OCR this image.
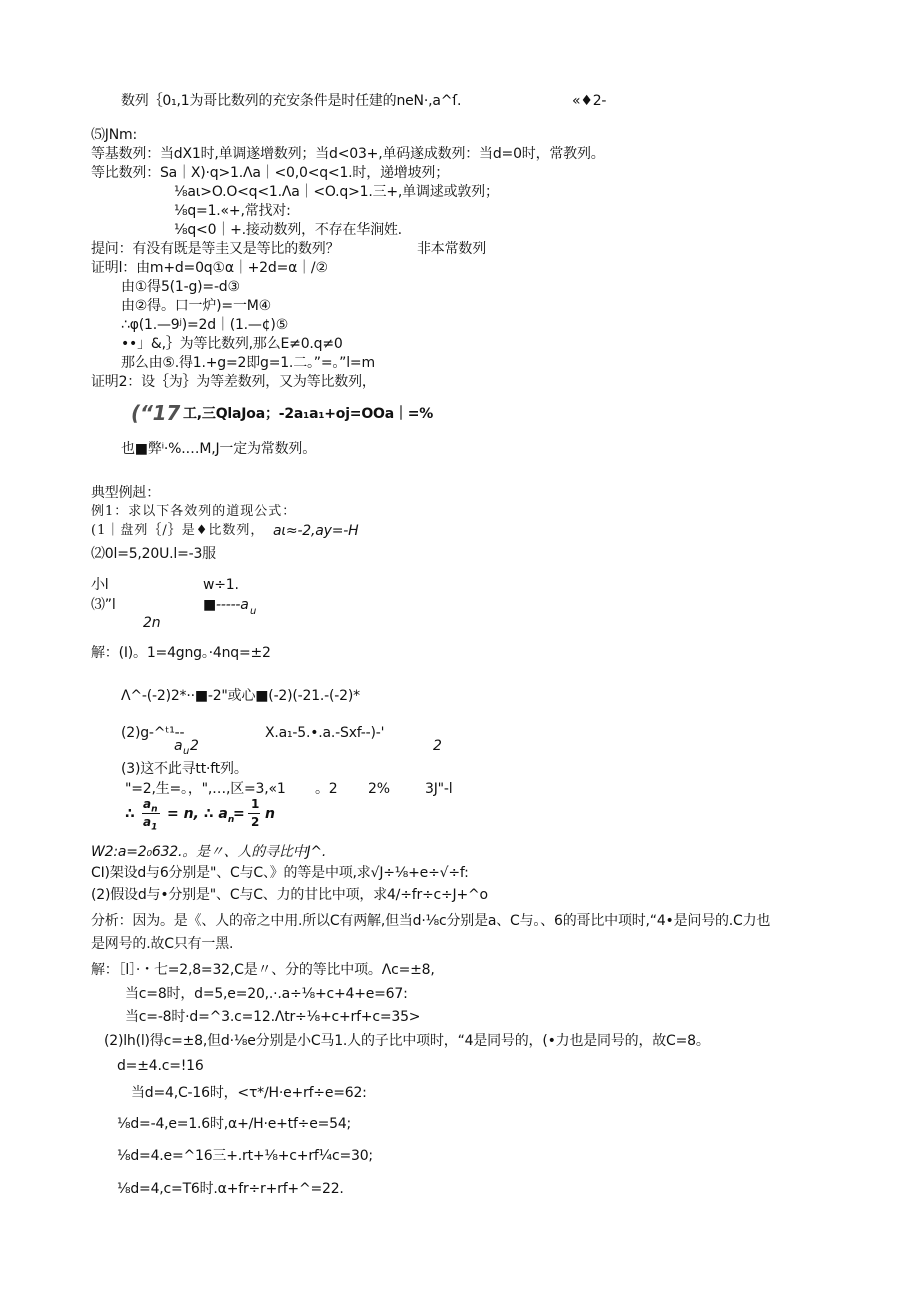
数列｛0₁,1为哥比数列的充安条件是时任建的neN·,a^ſ.	«♦2-
⑸JNm:
等基数列：当dX1时,单调遂增数列；当d<03+,单码遂成数列：当d=0时，常教列。
等比数列：Sa｜X)·q>1.Λa｜<0,0<q<1.时，递增坡列；
⅛aι>O.O<q<1.Λa｜<O.q>1.三+,单调逑或敦列；
⅛q=1.«+,常找对:
⅛q<0｜+.接动数列，不存在华涧姓.
提问：有没有既是等圭又是等比的数列？	非本常数列
证明l：由m+d=0q①α｜+2d=α｜/②
由①得5(1-g)=-d③
由②得。口一炉)=一M④
∴φ(1.—9ʲ)=2d｜(1.—¢)⑤
••」&,｝为等比数列,那么E≠0.q≠0
那么由⑤.得1.+g=2即g=1.二。”=。”l=m
证明2：设｛为｝为等差数列，又为等比数列，
(“17 工,三QlaJoa；-2a₁a₁+oj=OOa｜=%
也■弊ⁱ·%.…M,J一定为常数列。
典型例赳：
例1：求以下各效列的道现公式：
(1｜盘列｛/｝是♦比数列， aι≈-2,ay=-H
⑵0l=5,20U.l=-3服
小l	w÷1.
⑶”l	■-----a u
2n
解：(I)。1=4gng。·4nq=±2
Λ^-(-2)2*··■-2"或心■(-2)(-21.-(-2)*
(2)g-^ᵗ¹--	X.a₁-5.•.a.-Sxf--)-'
a u 2	2
(3)这不此寻tt·ft列。
"=2,生=。，",…,区=3,«1 。2 2%	3J"-l
∴
$a_n$
$a_1$
= n, ∴ $a_n$
=
1
2 n
W2:a=2₀632.。是〃、人的寻比中J^.
CI)架设d与6分别是"、C与C、》的等是中项,求√J÷⅛+e÷√÷f:
(2)假设d与•分别是"、C与C、力的甘比中项，求4∕÷fr÷c÷J+^o
分析：因为。是《、人的帝之中用.所以C有两解,但当d·⅛c分别是a、C与。、6的哥比中项时,“4•是问号的.C力也
是网号的.故C只有一黑.
解：［l］·・七=2,8=32,C是〃、分的等比中项。Λc=±8,
当c=8时，d=5,e=20,.·.a÷⅛+c+4+e=67:
当c=-8时·d=^3.c=12.Λtr÷⅛+c+rf+c=35>
(2)lh(l)得c=±8,但d·⅛e分别是小C马1.人的子比中项时，“4是同号的，(•力也是同号的，故C=8。
d=±4.c=!16
当d=4,C-16时，<τ*∕H·e+rf÷e=62:
⅛d=-4,e=1.6时,α+∕H·e+tf÷e=54;
⅛d=4.e=^16三+.rt+⅛+c+rf¼c=30;
⅛d=4,c=T6时.α+fr÷r+rf+^=22.
